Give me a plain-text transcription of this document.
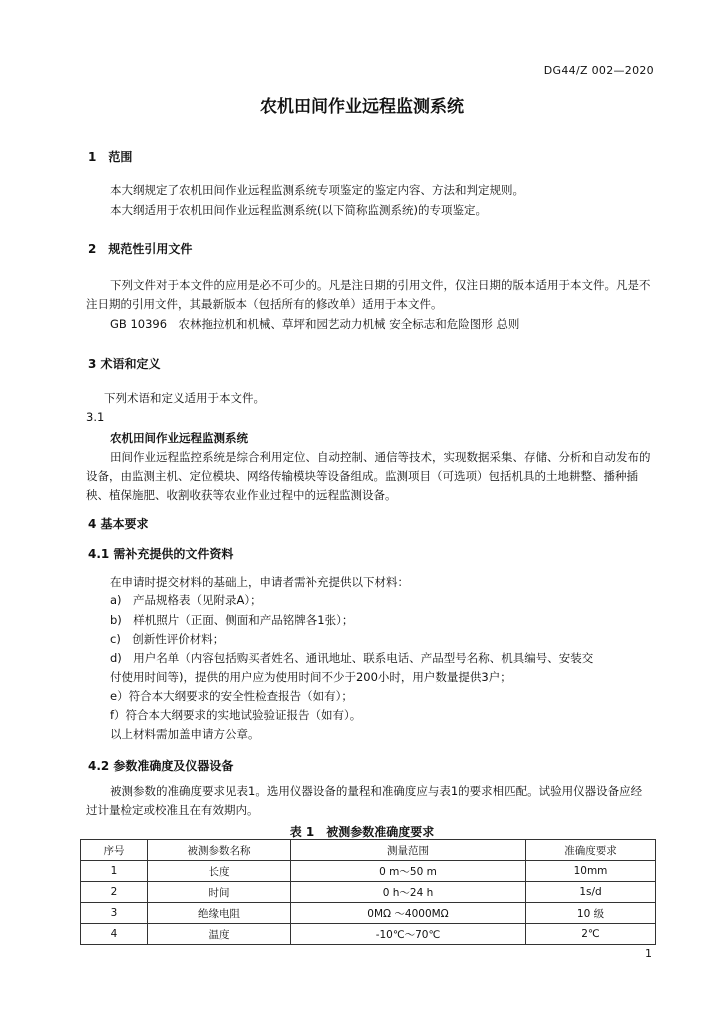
DG44/Z 002—2020
农机田间作业远程监测系统
1　范围
本大纲规定了农机田间作业远程监测系统专项鉴定的鉴定内容、方法和判定规则。
本大纲适用于农机田间作业远程监测系统(以下简称监测系统)的专项鉴定。
2　规范性引用文件
下列文件对于本文件的应用是必不可少的。凡是注日期的引用文件，仅注日期的版本适用于本文件。凡是不注日期的引用文件，其最新版本（包括所有的修改单）适用于本文件。
GB 10396　农林拖拉机和机械、草坪和园艺动力机械 安全标志和危险图形 总则
3 术语和定义
下列术语和定义适用于本文件。
3.1
农机田间作业远程监测系统
田间作业远程监控系统是综合利用定位、自动控制、通信等技术，实现数据采集、存储、分析和自动发布的设备，由监测主机、定位模块、网络传输模块等设备组成。监测项目（可选项）包括机具的土地耕整、播种插秧、植保施肥、收割收获等农业作业过程中的远程监测设备。
4 基本要求
4.1 需补充提供的文件资料
在申请时提交材料的基础上，申请者需补充提供以下材料：
a)　产品规格表（见附录A）；
b)　样机照片（正面、侧面和产品铭牌各1张）；
c)　创新性评价材料；
d)　用户名单（内容包括购买者姓名、通讯地址、联系电话、产品型号名称、机具编号、安装交
付使用时间等)，提供的用户应为使用时间不少于200小时，用户数量提供3户；
e）符合本大纲要求的安全性检查报告（如有）；
f）符合本大纲要求的实地试验验证报告（如有）。
以上材料需加盖申请方公章。
4.2 参数准确度及仪器设备
被测参数的准确度要求见表1。选用仪器设备的量程和准确度应与表1的要求相匹配。试验用仪器设备应经过计量检定或校准且在有效期内。
表 1　被测参数准确度要求
序号	被测参数名称	测量范围	准确度要求
1	长度	0 m～50 m	10mm
2	时间	0 h～24 h	1s/d
3	绝缘电阻	0MΩ ～4000MΩ	10 级
4	温度	-10℃～70℃	2℃
1
